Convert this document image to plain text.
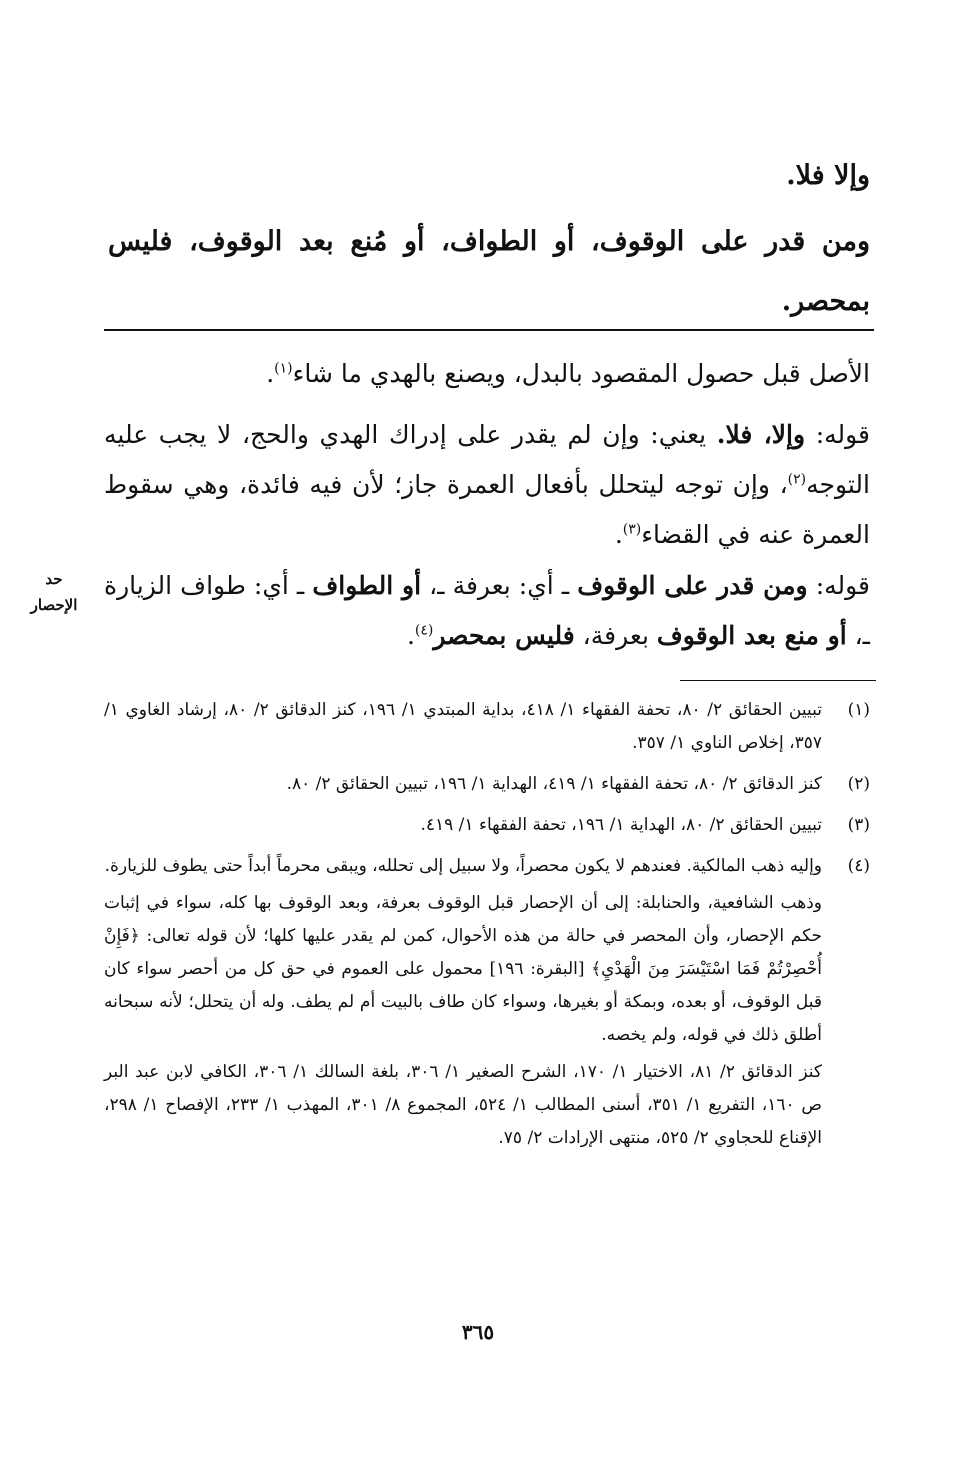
وإلا فلا.
ومن قدر على الوقوف، أو الطواف، أو مُنع بعد الوقوف، فليس بمحصر.
الأصل قبل حصول المقصود بالبدل، ويصنع بالهدي ما شاء$^{(١)}$.
قوله: وإلا، فلا. يعني: وإن لم يقدر على إدراك الهدي والحج، لا يجب عليه التوجه$^{(٢)}$، وإن توجه ليتحلل بأفعال العمرة جاز؛ لأن فيه فائدة، وهي سقوط العمرة عنه في القضاء$^{(٣)}$.
قوله: ومن قدر على الوقوف ـ أي: بعرفة ـ، أو الطواف ـ أي: طواف الزيارة ـ، أو منع بعد الوقوف بعرفة، فليس بمحصر$^{(٤)}$.
حد
الإحصار
(١)

تبيين الحقائق ٢/ ٨٠، تحفة الفقهاء ١/ ٤١٨، بداية المبتدي ١/ ١٩٦، كنز الدقائق ٢/ ٨٠، إرشاد الغاوي ١/ ٣٥٧، إخلاص الناوي ١/ ٣٥٧.

(٢)

كنز الدقائق ٢/ ٨٠، تحفة الفقهاء ١/ ٤١٩، الهداية ١/ ١٩٦، تبيين الحقائق ٢/ ٨٠.

(٣)

تبيين الحقائق ٢/ ٨٠، الهداية ١/ ١٩٦، تحفة الفقهاء ١/ ٤١٩.

(٤)

وإليه ذهب المالكية. فعندهم لا يكون محصراً، ولا سبيل إلى تحلله، ويبقى محرماً أبداً حتى يطوف للزيارة.

وذهب الشافعية، والحنابلة: إلى أن الإحصار قبل الوقوف بعرفة، وبعد الوقوف بها كله، سواء في إثبات حكم الإحصار، وأن المحصر في حالة من هذه الأحوال، كمن لم يقدر عليها كلها؛ لأن قوله تعالى: ﴿فَإِنْ أُحْصِرْتُمْ فَمَا اسْتَيْسَرَ مِنَ الْهَدْيِ﴾ [البقرة: ١٩٦] محمول على العموم في حق كل من أحصر سواء كان قبل الوقوف، أو بعده، وبمكة أو بغيرها، وسواء كان طاف بالبيت أم لم يطف. وله أن يتحلل؛ لأنه سبحانه أطلق ذلك في قوله، ولم يخصه.

كنز الدقائق ٢/ ٨١، الاختيار ١/ ١٧٠، الشرح الصغير ١/ ٣٠٦، بلغة السالك ١/ ٣٠٦، الكافي لابن عبد البر ص ١٦٠، التفريع ١/ ٣٥١، أسنى المطالب ١/ ٥٢٤، المجموع ٨/ ٣٠١، المهذب ١/ ٢٣٣، الإفصاح ١/ ٢٩٨، الإقناع للحجاوي ٢/ ٥٢٥، منتهى الإرادات ٢/ ٧٥.

٣٦٥
